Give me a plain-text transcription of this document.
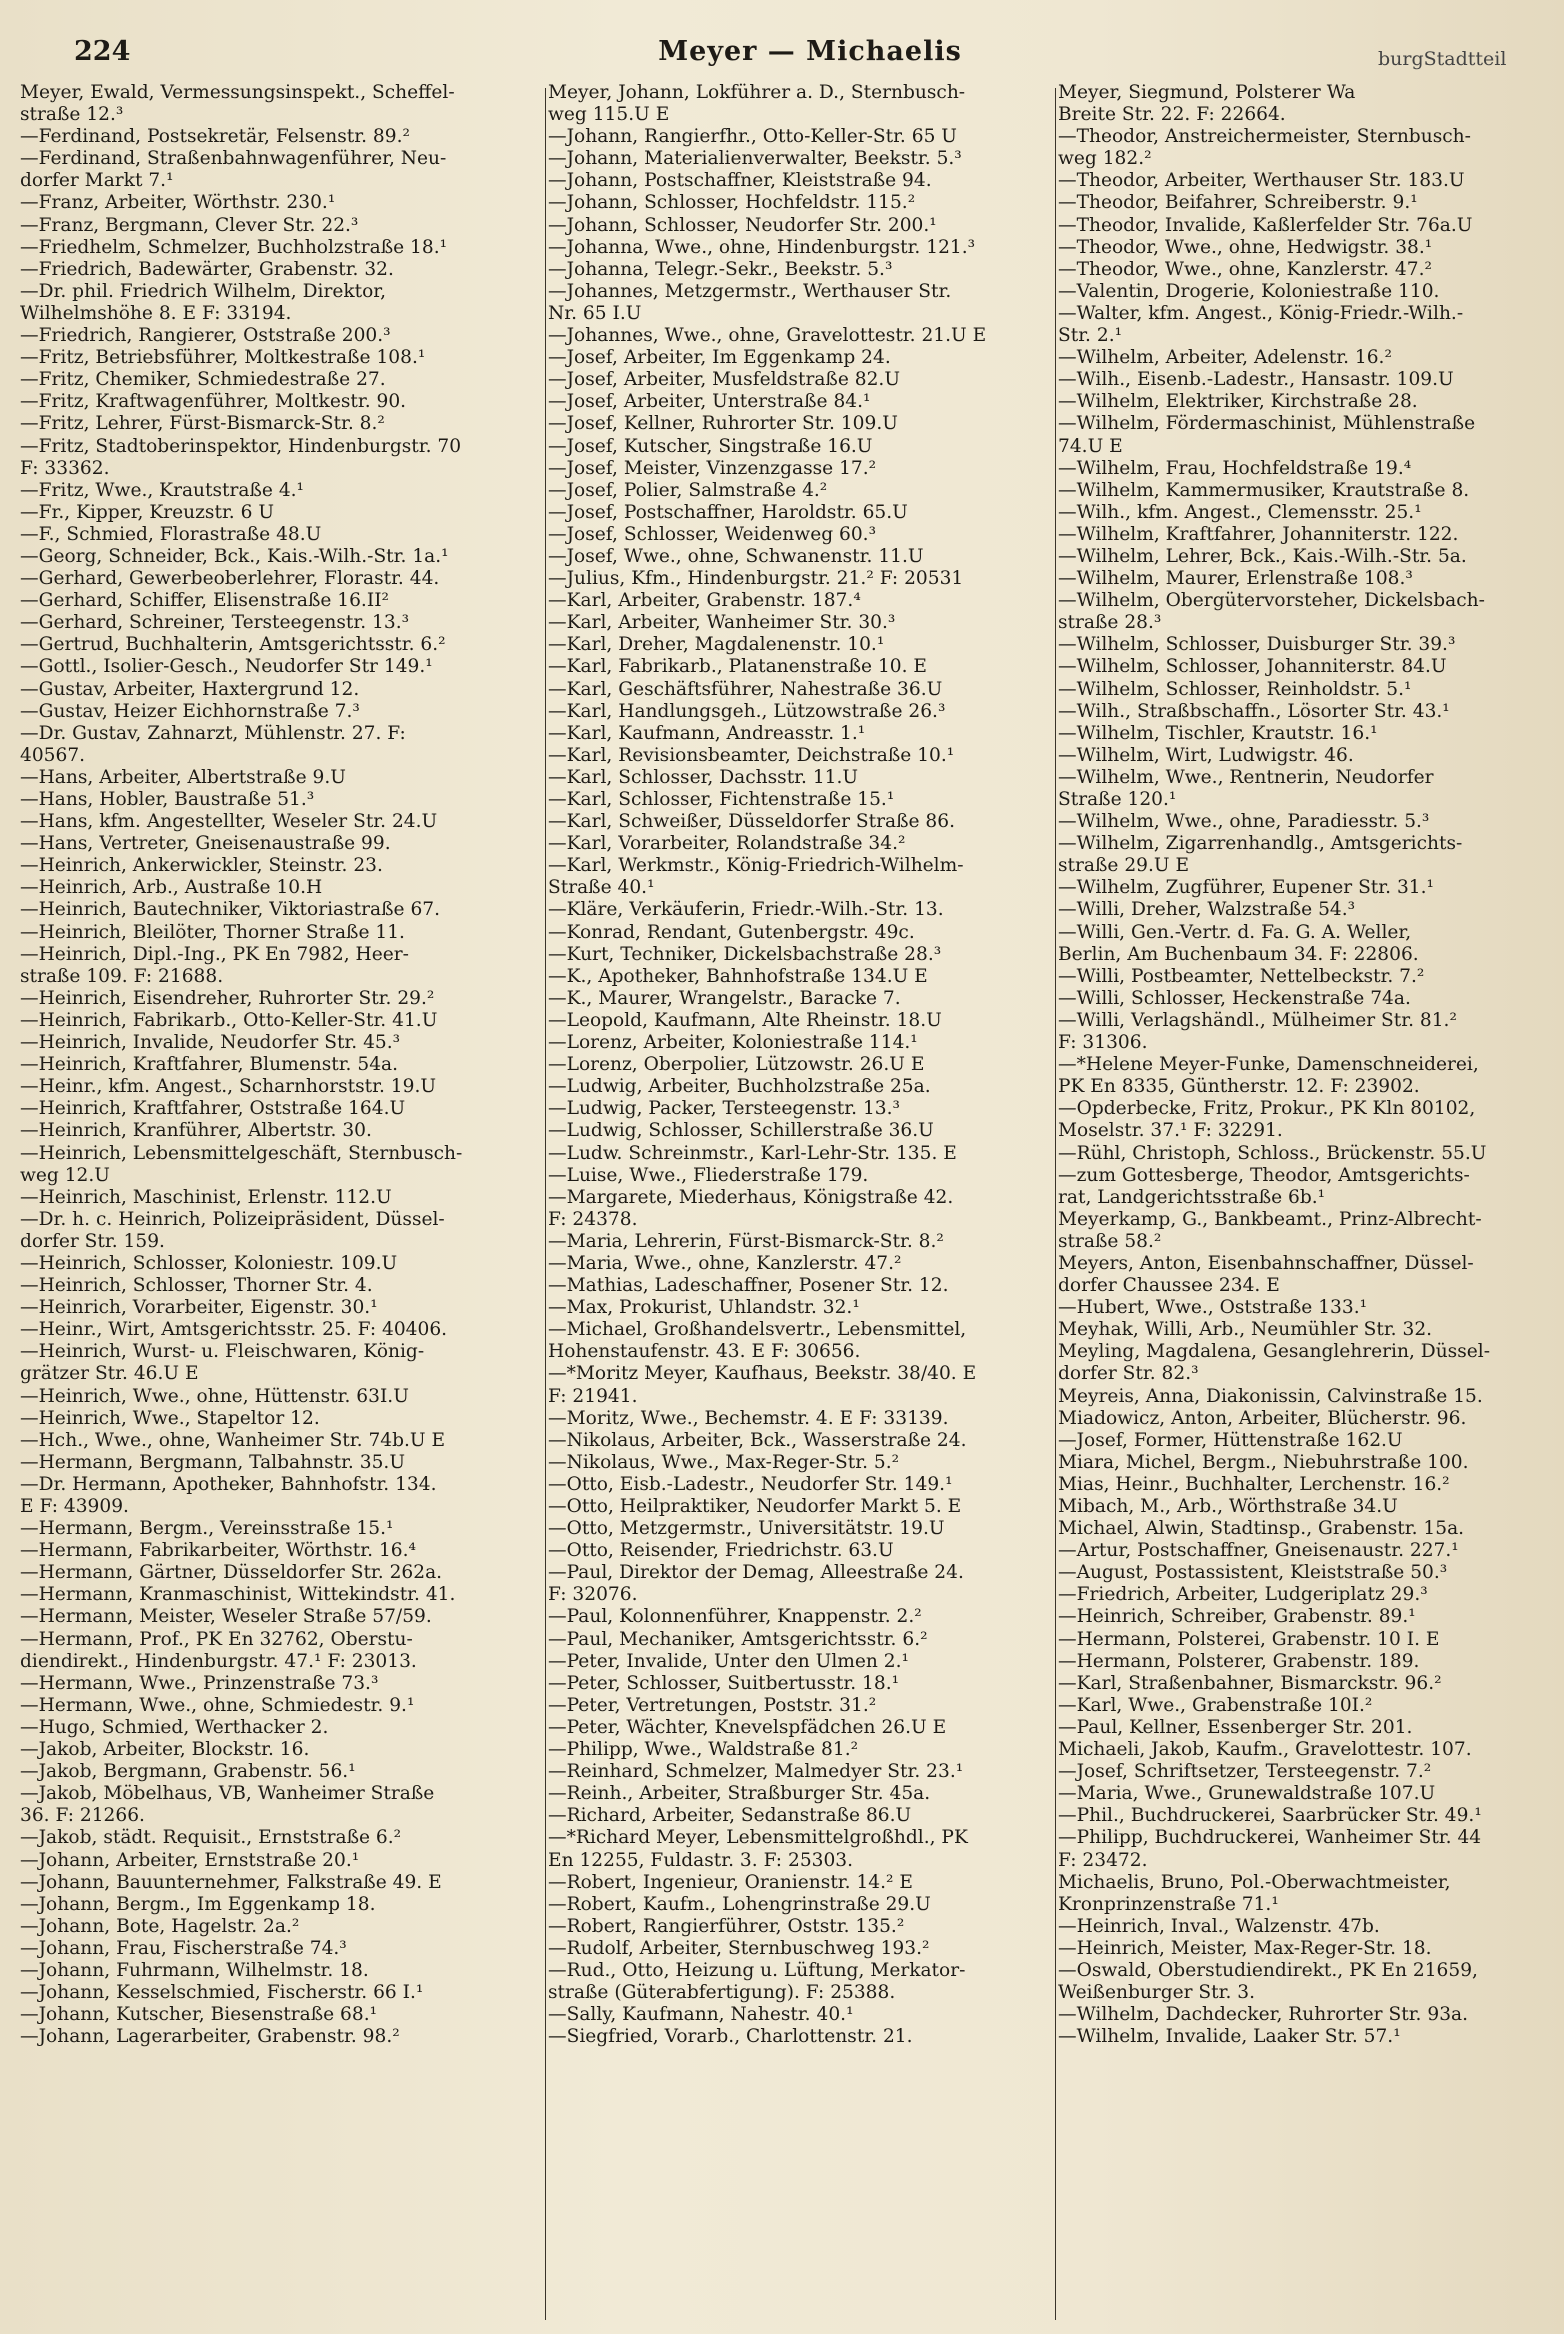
224	Meyer — Michaelis	burgStadtteil
Meyer, Ewald, Vermessungsinspekt., Scheffel-
straße 12.³
—Ferdinand, Postsekretär, Felsenstr. 89.²
—Ferdinand, Straßenbahnwagenführer, Neu-
dorfer Markt 7.¹
—Franz, Arbeiter, Wörthstr. 230.¹
—Franz, Bergmann, Clever Str. 22.³
—Friedhelm, Schmelzer, Buchholzstraße 18.¹
—Friedrich, Badewärter, Grabenstr. 32.
—Dr. phil. Friedrich Wilhelm, Direktor,
Wilhelmshöhe 8. E F: 33194.
—Friedrich, Rangierer, Oststraße 200.³
—Fritz, Betriebsführer, Moltkestraße 108.¹
—Fritz, Chemiker, Schmiedestraße 27.
—Fritz, Kraftwagenführer, Moltkestr. 90.
—Fritz, Lehrer, Fürst-Bismarck-Str. 8.²
—Fritz, Stadtoberinspektor, Hindenburgstr. 70
F: 33362.
—Fritz, Wwe., Krautstraße 4.¹
—Fr., Kipper, Kreuzstr. 6 U
—F., Schmied, Florastraße 48.U
—Georg, Schneider, Bck., Kais.-Wilh.-Str. 1a.¹
—Gerhard, Gewerbeoberlehrer, Florastr. 44.
—Gerhard, Schiffer, Elisenstraße 16.II²
—Gerhard, Schreiner, Tersteegenstr. 13.³
—Gertrud, Buchhalterin, Amtsgerichtsstr. 6.²
—Gottl., Isolier-Gesch., Neudorfer Str 149.¹
—Gustav, Arbeiter, Haxtergrund 12.
—Gustav, Heizer Eichhornstraße 7.³
—Dr. Gustav, Zahnarzt, Mühlenstr. 27. F:
40567.
—Hans, Arbeiter, Albertstraße 9.U
—Hans, Hobler, Baustraße 51.³
—Hans, kfm. Angestellter, Weseler Str. 24.U
—Hans, Vertreter, Gneisenaustraße 99.
—Heinrich, Ankerwickler, Steinstr. 23.
—Heinrich, Arb., Austraße 10.H
—Heinrich, Bautechniker, Viktoriastraße 67.
—Heinrich, Bleilöter, Thorner Straße 11.
—Heinrich, Dipl.-Ing., PK En 7982, Heer-
straße 109. F: 21688.
—Heinrich, Eisendreher, Ruhrorter Str. 29.²
—Heinrich, Fabrikarb., Otto-Keller-Str. 41.U
—Heinrich, Invalide, Neudorfer Str. 45.³
—Heinrich, Kraftfahrer, Blumenstr. 54a.
—Heinr., kfm. Angest., Scharnhorststr. 19.U
—Heinrich, Kraftfahrer, Oststraße 164.U
—Heinrich, Kranführer, Albertstr. 30.
—Heinrich, Lebensmittelgeschäft, Sternbusch-
weg 12.U
—Heinrich, Maschinist, Erlenstr. 112.U
—Dr. h. c. Heinrich, Polizeipräsident, Düssel-
dorfer Str. 159.
—Heinrich, Schlosser, Koloniestr. 109.U
—Heinrich, Schlosser, Thorner Str. 4.
—Heinrich, Vorarbeiter, Eigenstr. 30.¹
—Heinr., Wirt, Amtsgerichtsstr. 25. F: 40406.
—Heinrich, Wurst- u. Fleischwaren, König-
grätzer Str. 46.U E
—Heinrich, Wwe., ohne, Hüttenstr. 63I.U
—Heinrich, Wwe., Stapeltor 12.
—Hch., Wwe., ohne, Wanheimer Str. 74b.U E
—Hermann, Bergmann, Talbahnstr. 35.U
—Dr. Hermann, Apotheker, Bahnhofstr. 134.
E F: 43909.
—Hermann, Bergm., Vereinsstraße 15.¹
—Hermann, Fabrikarbeiter, Wörthstr. 16.⁴
—Hermann, Gärtner, Düsseldorfer Str. 262a.
—Hermann, Kranmaschinist, Wittekindstr. 41.
—Hermann, Meister, Weseler Straße 57/59.
—Hermann, Prof., PK En 32762, Oberstu-
diendirekt., Hindenburgstr. 47.¹ F: 23013.
—Hermann, Wwe., Prinzenstraße 73.³
—Hermann, Wwe., ohne, Schmiedestr. 9.¹
—Hugo, Schmied, Werthacker 2.
—Jakob, Arbeiter, Blockstr. 16.
—Jakob, Bergmann, Grabenstr. 56.¹
—Jakob, Möbelhaus, VB, Wanheimer Straße
36. F: 21266.
—Jakob, städt. Requisit., Ernststraße 6.²
—Johann, Arbeiter, Ernststraße 20.¹
—Johann, Bauunternehmer, Falkstraße 49. E
—Johann, Bergm., Im Eggenkamp 18.
—Johann, Bote, Hagelstr. 2a.²
—Johann, Frau, Fischerstraße 74.³
—Johann, Fuhrmann, Wilhelmstr. 18.
—Johann, Kesselschmied, Fischerstr. 66 I.¹
—Johann, Kutscher, Biesenstraße 68.¹
—Johann, Lagerarbeiter, Grabenstr. 98.²
Meyer, Johann, Lokführer a. D., Sternbusch-
weg 115.U E
—Johann, Rangierfhr., Otto-Keller-Str. 65 U
—Johann, Materialienverwalter, Beekstr. 5.³
—Johann, Postschaffner, Kleiststraße 94.
—Johann, Schlosser, Hochfeldstr. 115.²
—Johann, Schlosser, Neudorfer Str. 200.¹
—Johanna, Wwe., ohne, Hindenburgstr. 121.³
—Johanna, Telegr.-Sekr., Beekstr. 5.³
—Johannes, Metzgermstr., Werthauser Str.
Nr. 65 I.U
—Johannes, Wwe., ohne, Gravelottestr. 21.U E
—Josef, Arbeiter, Im Eggenkamp 24.
—Josef, Arbeiter, Musfeldstraße 82.U
—Josef, Arbeiter, Unterstraße 84.¹
—Josef, Kellner, Ruhrorter Str. 109.U
—Josef, Kutscher, Singstraße 16.U
—Josef, Meister, Vinzenzgasse 17.²
—Josef, Polier, Salmstraße 4.²
—Josef, Postschaffner, Haroldstr. 65.U
—Josef, Schlosser, Weidenweg 60.³
—Josef, Wwe., ohne, Schwanenstr. 11.U
—Julius, Kfm., Hindenburgstr. 21.² F: 20531
—Karl, Arbeiter, Grabenstr. 187.⁴
—Karl, Arbeiter, Wanheimer Str. 30.³
—Karl, Dreher, Magdalenenstr. 10.¹
—Karl, Fabrikarb., Platanenstraße 10. E
—Karl, Geschäftsführer, Nahestraße 36.U
—Karl, Handlungsgeh., Lützowstraße 26.³
—Karl, Kaufmann, Andreasstr. 1.¹
—Karl, Revisionsbeamter, Deichstraße 10.¹
—Karl, Schlosser, Dachsstr. 11.U
—Karl, Schlosser, Fichtenstraße 15.¹
—Karl, Schweißer, Düsseldorfer Straße 86.
—Karl, Vorarbeiter, Rolandstraße 34.²
—Karl, Werkmstr., König-Friedrich-Wilhelm-
Straße 40.¹
—Kläre, Verkäuferin, Friedr.-Wilh.-Str. 13.
—Konrad, Rendant, Gutenbergstr. 49c.
—Kurt, Techniker, Dickelsbachstraße 28.³
—K., Apotheker, Bahnhofstraße 134.U E
—K., Maurer, Wrangelstr., Baracke 7.
—Leopold, Kaufmann, Alte Rheinstr. 18.U
—Lorenz, Arbeiter, Koloniestraße 114.¹
—Lorenz, Oberpolier, Lützowstr. 26.U E
—Ludwig, Arbeiter, Buchholzstraße 25a.
—Ludwig, Packer, Tersteegenstr. 13.³
—Ludwig, Schlosser, Schillerstraße 36.U
—Ludw. Schreinmstr., Karl-Lehr-Str. 135. E
—Luise, Wwe., Fliederstraße 179.
—Margarete, Miederhaus, Königstraße 42.
F: 24378.
—Maria, Lehrerin, Fürst-Bismarck-Str. 8.²
—Maria, Wwe., ohne, Kanzlerstr. 47.²
—Mathias, Ladeschaffner, Posener Str. 12.
—Max, Prokurist, Uhlandstr. 32.¹
—Michael, Großhandelsvertr., Lebensmittel,
Hohenstaufenstr. 43. E F: 30656.
—*Moritz Meyer, Kaufhaus, Beekstr. 38/40. E
F: 21941.
—Moritz, Wwe., Bechemstr. 4. E F: 33139.
—Nikolaus, Arbeiter, Bck., Wasserstraße 24.
—Nikolaus, Wwe., Max-Reger-Str. 5.²
—Otto, Eisb.-Ladestr., Neudorfer Str. 149.¹
—Otto, Heilpraktiker, Neudorfer Markt 5. E
—Otto, Metzgermstr., Universitätstr. 19.U
—Otto, Reisender, Friedrichstr. 63.U
—Paul, Direktor der Demag, Alleestraße 24.
F: 32076.
—Paul, Kolonnenführer, Knappenstr. 2.²
—Paul, Mechaniker, Amtsgerichtsstr. 6.²
—Peter, Invalide, Unter den Ulmen 2.¹
—Peter, Schlosser, Suitbertusstr. 18.¹
—Peter, Vertretungen, Poststr. 31.²
—Peter, Wächter, Knevelspfädchen 26.U E
—Philipp, Wwe., Waldstraße 81.²
—Reinhard, Schmelzer, Malmedyer Str. 23.¹
—Reinh., Arbeiter, Straßburger Str. 45a.
—Richard, Arbeiter, Sedanstraße 86.U
—*Richard Meyer, Lebensmittelgroßhdl., PK
En 12255, Fuldastr. 3. F: 25303.
—Robert, Ingenieur, Oranienstr. 14.² E
—Robert, Kaufm., Lohengrinstraße 29.U
—Robert, Rangierführer, Oststr. 135.²
—Rudolf, Arbeiter, Sternbuschweg 193.²
—Rud., Otto, Heizung u. Lüftung, Merkator-
straße (Güterabfertigung). F: 25388.
—Sally, Kaufmann, Nahestr. 40.¹
—Siegfried, Vorarb., Charlottenstr. 21.
Meyer, Siegmund, Polsterer Wa
Breite Str. 22. F: 22664.
—Theodor, Anstreichermeister, Sternbusch-
weg 182.²
—Theodor, Arbeiter, Werthauser Str. 183.U
—Theodor, Beifahrer, Schreiberstr. 9.¹
—Theodor, Invalide, Kaßlerfelder Str. 76a.U
—Theodor, Wwe., ohne, Hedwigstr. 38.¹
—Theodor, Wwe., ohne, Kanzlerstr. 47.²
—Valentin, Drogerie, Koloniestraße 110.
—Walter, kfm. Angest., König-Friedr.-Wilh.-
Str. 2.¹
—Wilhelm, Arbeiter, Adelenstr. 16.²
—Wilh., Eisenb.-Ladestr., Hansastr. 109.U
—Wilhelm, Elektriker, Kirchstraße 28.
—Wilhelm, Fördermaschinist, Mühlenstraße
74.U E
—Wilhelm, Frau, Hochfeldstraße 19.⁴
—Wilhelm, Kammermusiker, Krautstraße 8.
—Wilh., kfm. Angest., Clemensstr. 25.¹
—Wilhelm, Kraftfahrer, Johanniterstr. 122.
—Wilhelm, Lehrer, Bck., Kais.-Wilh.-Str. 5a.
—Wilhelm, Maurer, Erlenstraße 108.³
—Wilhelm, Obergütervorsteher, Dickelsbach-
straße 28.³
—Wilhelm, Schlosser, Duisburger Str. 39.³
—Wilhelm, Schlosser, Johanniterstr. 84.U
—Wilhelm, Schlosser, Reinholdstr. 5.¹
—Wilh., Straßbschaffn., Lösorter Str. 43.¹
—Wilhelm, Tischler, Krautstr. 16.¹
—Wilhelm, Wirt, Ludwigstr. 46.
—Wilhelm, Wwe., Rentnerin, Neudorfer
Straße 120.¹
—Wilhelm, Wwe., ohne, Paradiesstr. 5.³
—Wilhelm, Zigarrenhandlg., Amtsgerichts-
straße 29.U E
—Wilhelm, Zugführer, Eupener Str. 31.¹
—Willi, Dreher, Walzstraße 54.³
—Willi, Gen.-Vertr. d. Fa. G. A. Weller,
Berlin, Am Buchenbaum 34. F: 22806.
—Willi, Postbeamter, Nettelbeckstr. 7.²
—Willi, Schlosser, Heckenstraße 74a.
—Willi, Verlagshändl., Mülheimer Str. 81.²
F: 31306.
—*Helene Meyer-Funke, Damenschneiderei,
PK En 8335, Güntherstr. 12. F: 23902.
—Opderbecke, Fritz, Prokur., PK Kln 80102,
Moselstr. 37.¹ F: 32291.
—Rühl, Christoph, Schloss., Brückenstr. 55.U
—zum Gottesberge, Theodor, Amtsgerichts-
rat, Landgerichtsstraße 6b.¹
Meyerkamp, G., Bankbeamt., Prinz-Albrecht-
straße 58.²
Meyers, Anton, Eisenbahnschaffner, Düssel-
dorfer Chaussee 234. E
—Hubert, Wwe., Oststraße 133.¹
Meyhak, Willi, Arb., Neumühler Str. 32.
Meyling, Magdalena, Gesanglehrerin, Düssel-
dorfer Str. 82.³
Meyreis, Anna, Diakonissin, Calvinstraße 15.
Miadowicz, Anton, Arbeiter, Blücherstr. 96.
—Josef, Former, Hüttenstraße 162.U
Miara, Michel, Bergm., Niebuhrstraße 100.
Mias, Heinr., Buchhalter, Lerchenstr. 16.²
Mibach, M., Arb., Wörthstraße 34.U
Michael, Alwin, Stadtinsp., Grabenstr. 15a.
—Artur, Postschaffner, Gneisenaustr. 227.¹
—August, Postassistent, Kleiststraße 50.³
—Friedrich, Arbeiter, Ludgeriplatz 29.³
—Heinrich, Schreiber, Grabenstr. 89.¹
—Hermann, Polsterei, Grabenstr. 10 I. E
—Hermann, Polsterer, Grabenstr. 189.
—Karl, Straßenbahner, Bismarckstr. 96.²
—Karl, Wwe., Grabenstraße 10I.²
—Paul, Kellner, Essenberger Str. 201.
Michaeli, Jakob, Kaufm., Gravelottestr. 107.
—Josef, Schriftsetzer, Tersteegenstr. 7.²
—Maria, Wwe., Grunewaldstraße 107.U
—Phil., Buchdruckerei, Saarbrücker Str. 49.¹
—Philipp, Buchdruckerei, Wanheimer Str. 44
F: 23472.
Michaelis, Bruno, Pol.-Oberwachtmeister,
Kronprinzenstraße 71.¹
—Heinrich, Inval., Walzenstr. 47b.
—Heinrich, Meister, Max-Reger-Str. 18.
—Oswald, Oberstudiendirekt., PK En 21659,
Weißenburger Str. 3.
—Wilhelm, Dachdecker, Ruhrorter Str. 93a.
—Wilhelm, Invalide, Laaker Str. 57.¹
